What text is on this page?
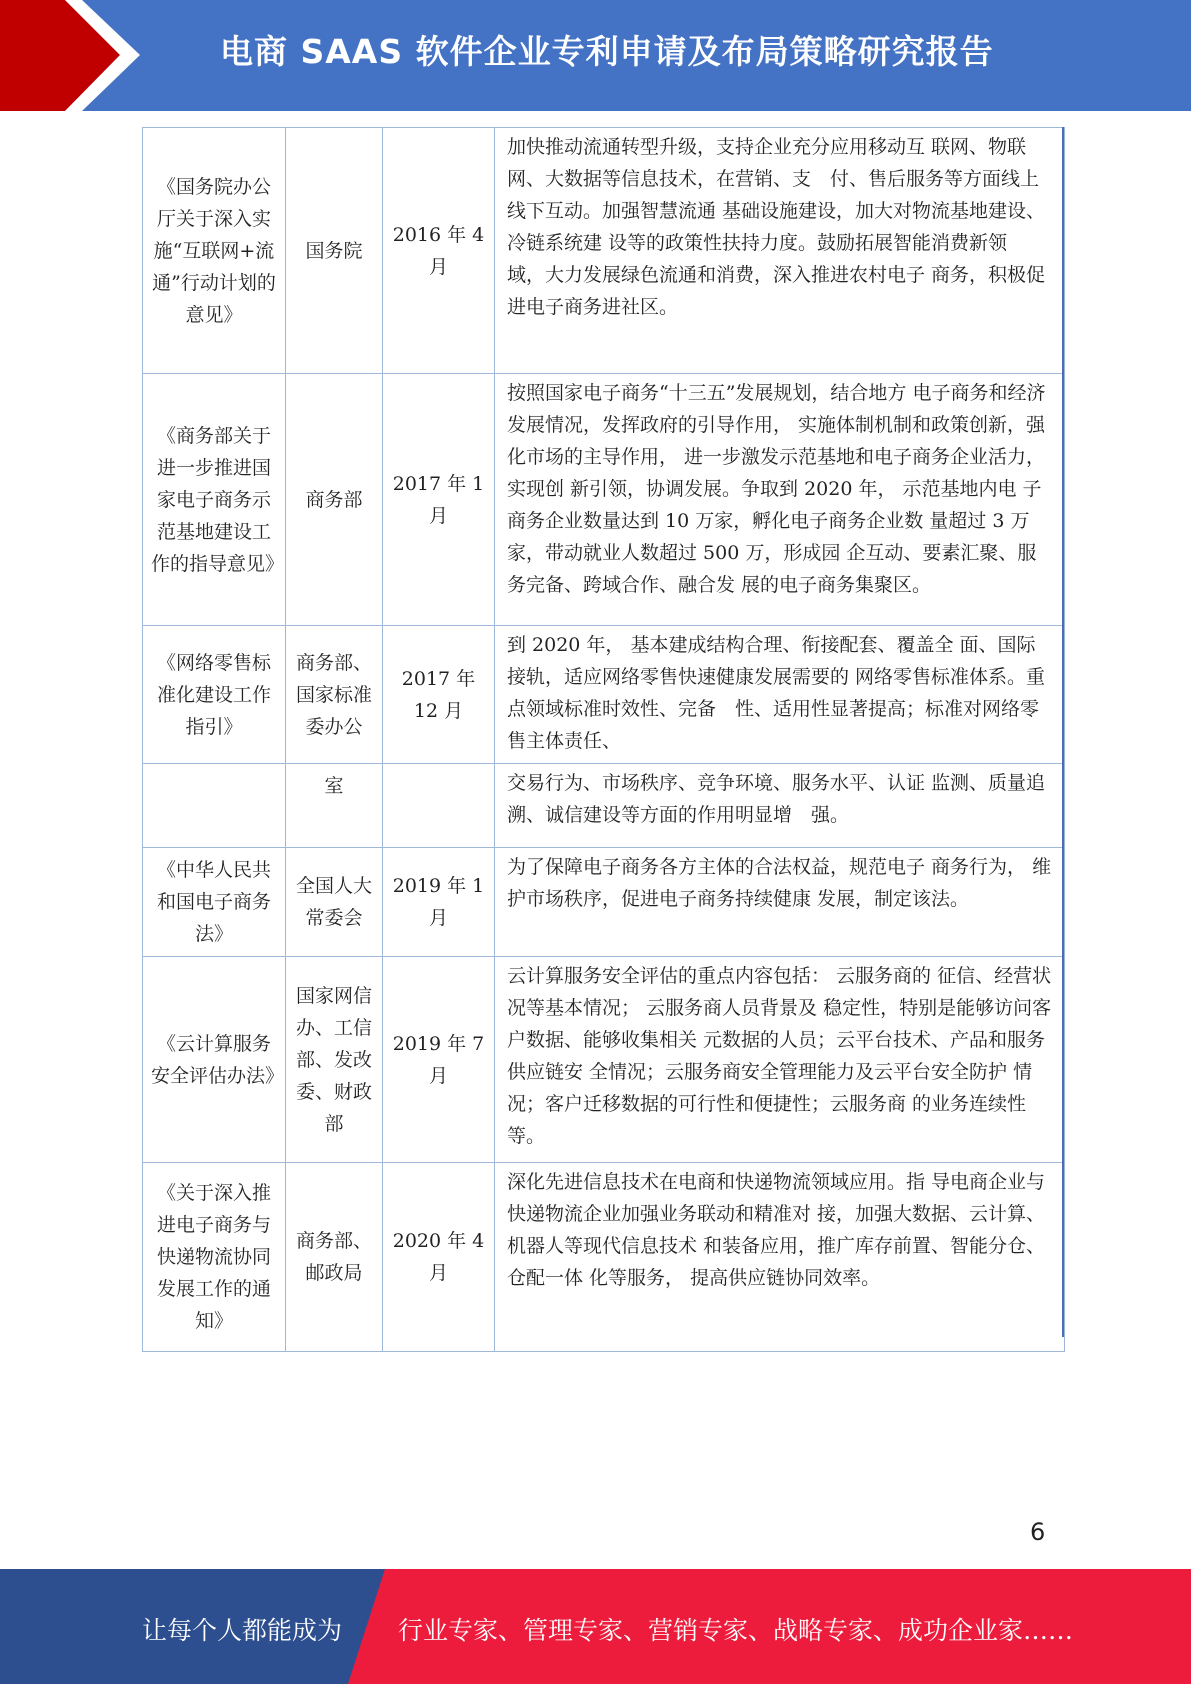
电商 SAAS 软件企业专利申请及布局策略研究报告
《国务院办公厅关于深入实施“互联网+流通”行动计划的意见》	国务院	2016 年 4 月	加快推动流通转型升级，支持企业充分应用移动互 联网、物联网、大数据等信息技术，在营销、支　付、售后服务等方面线上线下互动。加强智慧流通 基础设施建设，加大对物流基地建设、冷链系统建 设等的政策性扶持力度。鼓励拓展智能消费新领　域，大力发展绿色流通和消费，深入推进农村电子 商务，积极促进电子商务进社区。
《商务部关于进一步推进国家电子商务示范基地建设工作的指导意见》	商务部	2017 年 1 月	按照国家电子商务“十三五”发展规划，结合地方 电子商务和经济发展情况，发挥政府的引导作用， 实施体制机制和政策创新，强化市场的主导作用， 进一步激发示范基地和电子商务企业活力，实现创 新引领，协调发展。争取到 2020 年， 示范基地内电 子商务企业数量达到 10 万家，孵化电子商务企业数 量超过 3 万家，带动就业人数超过 500 万，形成园 企互动、要素汇聚、服务完备、跨域合作、融合发 展的电子商务集聚区。
《网络零售标准化建设工作指引》	商务部、国家标准委办公	2017 年 12 月	到 2020 年， 基本建成结构合理、衔接配套、覆盖全 面、国际接轨，适应网络零售快速健康发展需要的 网络零售标准体系。重点领域标准时效性、完备　性、适用性显著提高；标准对网络零售主体责任、
	室		交易行为、市场秩序、竞争环境、服务水平、认证 监测、质量追溯、诚信建设等方面的作用明显增　强。
《中华人民共和国电子商务法》	全国人大常委会	2019 年 1 月	为了保障电子商务各方主体的合法权益，规范电子 商务行为， 维护市场秩序，促进电子商务持续健康 发展，制定该法。
《云计算服务安全评估办法》	国家网信办、工信部、发改委、财政部	2019 年 7 月	云计算服务安全评估的重点内容包括： 云服务商的 征信、经营状况等基本情况； 云服务商人员背景及 稳定性，特别是能够访问客户数据、能够收集相关 元数据的人员；云平台技术、产品和服务供应链安 全情况；云服务商安全管理能力及云平台安全防护 情况；客户迁移数据的可行性和便捷性；云服务商 的业务连续性等。
《关于深入推进电子商务与快递物流协同发展工作的通知》	商务部、邮政局	2020 年 4 月	深化先进信息技术在电商和快递物流领域应用。指 导电商企业与快递物流企业加强业务联动和精准对 接，加强大数据、云计算、机器人等现代信息技术 和装备应用，推广库存前置、智能分仓、仓配一体 化等服务， 提高供应链协同效率。
6
让每个人都能成为 行业专家、管理专家、营销专家、战略专家、成功企业家……
